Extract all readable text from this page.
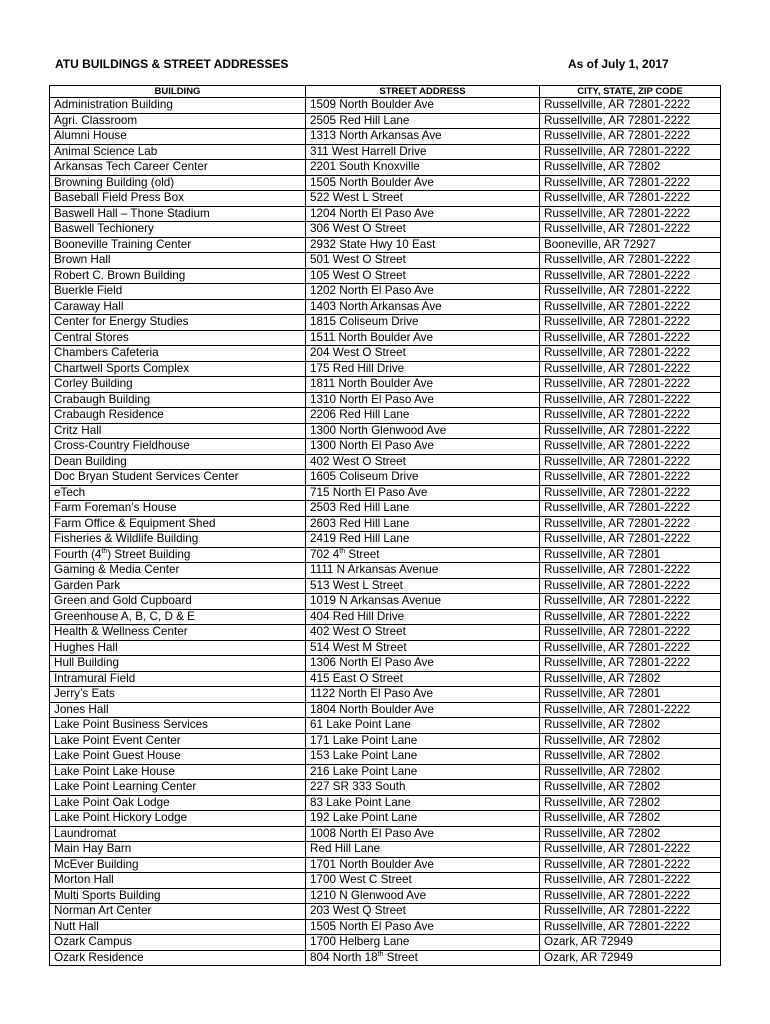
ATU BUILDINGS & STREET ADDRESSES	As of July 1, 2017
BUILDING	STREET ADDRESS	CITY, STATE, ZIP CODE
Administration Building	1509 North Boulder Ave	Russellville, AR 72801-2222
Agri. Classroom	2505 Red Hill Lane	Russellville, AR 72801-2222
Alumni House	1313 North Arkansas Ave	Russellville, AR 72801-2222
Animal Science Lab	311 West Harrell Drive	Russellville, AR 72801-2222
Arkansas Tech Career Center	2201 South Knoxville	Russellville, AR 72802
Browning Building (old)	1505 North Boulder Ave	Russellville, AR 72801-2222
Baseball Field Press Box	522 West L Street	Russellville, AR 72801-2222
Baswell Hall – Thone Stadium	1204 North El Paso Ave	Russellville, AR 72801-2222
Baswell Techionery	306 West O Street	Russellville, AR 72801-2222
Booneville Training Center	2932 State Hwy 10 East	Booneville, AR 72927
Brown Hall	501 West O Street	Russellville, AR 72801-2222
Robert C. Brown Building	105 West O Street	Russellville, AR 72801-2222
Buerkle Field	1202 North El Paso Ave	Russellville, AR 72801-2222
Caraway Hall	1403 North Arkansas Ave	Russellville, AR 72801-2222
Center for Energy Studies	1815 Coliseum Drive	Russellville, AR 72801-2222
Central Stores	1511 North Boulder Ave	Russellville, AR 72801-2222
Chambers Cafeteria	204 West O Street	Russellville, AR 72801-2222
Chartwell Sports Complex	175 Red Hill Drive	Russellville, AR 72801-2222
Corley Building	1811 North Boulder Ave	Russellville, AR 72801-2222
Crabaugh Building	1310 North El Paso Ave	Russellville, AR 72801-2222
Crabaugh Residence	2206 Red Hill Lane	Russellville, AR 72801-2222
Critz Hall	1300 North Glenwood Ave	Russellville, AR 72801-2222
Cross-Country Fieldhouse	1300 North El Paso Ave	Russellville, AR 72801-2222
Dean Building	402 West O Street	Russellville, AR 72801-2222
Doc Bryan Student Services Center	1605 Coliseum Drive	Russellville, AR 72801-2222
eTech	715 North El Paso Ave	Russellville, AR 72801-2222
Farm Foreman’s House	2503 Red Hill Lane	Russellville, AR 72801-2222
Farm Office & Equipment Shed	2603 Red Hill Lane	Russellville, AR 72801-2222
Fisheries & Wildlife Building	2419 Red Hill Lane	Russellville, AR 72801-2222
Fourth (4th) Street Building	702 4th Street	Russellville, AR 72801
Gaming & Media Center	1111 N Arkansas Avenue	Russellville, AR 72801-2222
Garden Park	513 West L Street	Russellville, AR 72801-2222
Green and Gold Cupboard	1019 N Arkansas Avenue	Russellville, AR 72801-2222
Greenhouse A, B, C, D & E	404 Red Hill Drive	Russellville, AR 72801-2222
Health & Wellness Center	402 West O Street	Russellville, AR 72801-2222
Hughes Hall	514 West M Street	Russellville, AR 72801-2222
Hull Building	1306 North El Paso Ave	Russellville, AR 72801-2222
Intramural Field	415 East O Street	Russellville, AR 72802
Jerry’s Eats	1122 North El Paso Ave	Russellville, AR 72801
Jones Hall	1804 North Boulder Ave	Russellville, AR 72801-2222
Lake Point Business Services	61 Lake Point Lane	Russellville, AR 72802
Lake Point Event Center	171 Lake Point Lane	Russellville, AR 72802
Lake Point Guest House	153 Lake Point Lane	Russellville, AR 72802
Lake Point Lake House	216 Lake Point Lane	Russellville, AR 72802
Lake Point Learning Center	227 SR 333 South	Russellville, AR 72802
Lake Point Oak Lodge	83 Lake Point Lane	Russellville, AR 72802
Lake Point Hickory Lodge	192 Lake Point Lane	Russellville, AR 72802
Laundromat	1008 North El Paso Ave	Russellville, AR 72802
Main Hay Barn	Red Hill Lane	Russellville, AR 72801-2222
McEver Building	1701 North Boulder Ave	Russellville, AR 72801-2222
Morton Hall	1700 West C Street	Russellville, AR 72801-2222
Multi Sports Building	1210 N Glenwood Ave	Russellville, AR 72801-2222
Norman Art Center	203 West Q Street	Russellville, AR 72801-2222
Nutt Hall	1505 North El Paso Ave	Russellville, AR 72801-2222
Ozark Campus	1700 Helberg Lane	Ozark, AR 72949
Ozark Residence	804 North 18th Street	Ozark, AR 72949
